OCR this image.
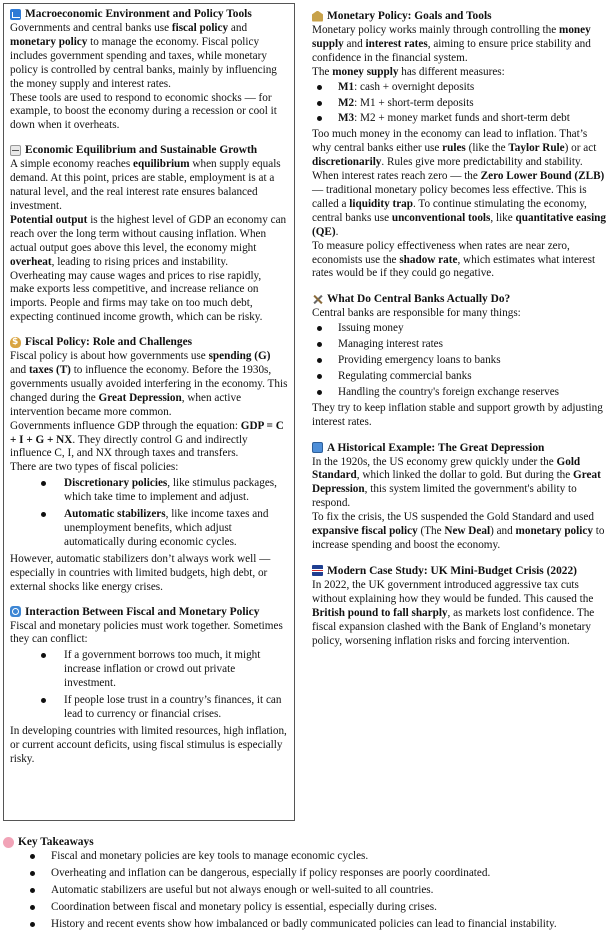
Macroeconomic Environment and Policy Tools

Governments and central banks use fiscal policy and monetary policy to manage the economy. Fiscal policy includes government spending and taxes, while monetary policy is controlled by central banks, mainly by influencing the money supply and interest rates.

These tools are used to respond to economic shocks — for example, to boost the economy during a recession or cool it down when it overheats.

Economic Equilibrium and Sustainable Growth

A simple economy reaches equilibrium when supply equals demand. At this point, prices are stable, employment is at a natural level, and the real interest rate ensures balanced investment.

Potential output is the highest level of GDP an economy can reach over the long term without causing inflation. When actual output goes above this level, the economy might overheat, leading to rising prices and instability.

Overheating may cause wages and prices to rise rapidly, make exports less competitive, and increase reliance on imports. People and firms may take on too much debt, expecting continued income growth, which can be risky.

$
Fiscal Policy: Role and Challenges

Fiscal policy is about how governments use spending (G) and taxes (T) to influence the economy. Before the 1930s, governments usually avoided interfering in the economy. This changed during the Great Depression, when active intervention became more common.

Governments influence GDP through the equation: GDP = C + I + G + NX. They directly control G and indirectly influence C, I, and NX through taxes and transfers.

There are two types of fiscal policies:

Discretionary policies, like stimulus packages, which take time to implement and adjust.
Automatic stabilizers, like income taxes and unemployment benefits, which adjust automatically during economic cycles.

However, automatic stabilizers don’t always work well — especially in countries with limited budgets, high debt, or external shocks like energy crises.

Interaction Between Fiscal and Monetary Policy

Fiscal and monetary policies must work together. Sometimes they can conflict:

If a government borrows too much, it might increase inflation or crowd out private investment.
If people lose trust in a country’s finances, it can lead to currency or financial crises.

In developing countries with limited resources, high inflation, or current account deficits, using fiscal stimulus is especially risky.

Monetary Policy: Goals and Tools

Monetary policy works mainly through controlling the money supply and interest rates, aiming to ensure price stability and confidence in the financial system.

The money supply has different measures:

M1: cash + overnight deposits
M2: M1 + short-term deposits
M3: M2 + money market funds and short-term debt

Too much money in the economy can lead to inflation. That’s why central banks either use rules (like the Taylor Rule) or act discretionarily. Rules give more predictability and stability.

When interest rates reach zero — the Zero Lower Bound (ZLB) — traditional monetary policy becomes less effective. This is called a liquidity trap. To continue stimulating the economy, central banks use unconventional tools, like quantitative easing (QE).

To measure policy effectiveness when rates are near zero, economists use the shadow rate, which estimates what interest rates would be if they could go negative.

What Do Central Banks Actually Do?

Central banks are responsible for many things:

Issuing money
Managing interest rates
Providing emergency loans to banks
Regulating commercial banks
Handling the country's foreign exchange reserves

They try to keep inflation stable and support growth by adjusting interest rates.

A Historical Example: The Great Depression

In the 1920s, the US economy grew quickly under the Gold Standard, which linked the dollar to gold. But during the Great Depression, this system limited the government's ability to respond.

To fix the crisis, the US suspended the Gold Standard and used expansive fiscal policy (The New Deal) and monetary policy to increase spending and boost the economy.

Modern Case Study: UK Mini-Budget Crisis (2022)

In 2022, the UK government introduced aggressive tax cuts without explaining how they would be funded. This caused the British pound to fall sharply, as markets lost confidence. The fiscal expansion clashed with the Bank of England’s monetary policy, worsening inflation risks and forcing intervention.

Key Takeaways
Fiscal and monetary policies are key tools to manage economic cycles.
Overheating and inflation can be dangerous, especially if policy responses are poorly coordinated.
Automatic stabilizers are useful but not always enough or well-suited to all countries.
Coordination between fiscal and monetary policy is essential, especially during crises.
History and recent events show how imbalanced or badly communicated policies can lead to financial instability.
